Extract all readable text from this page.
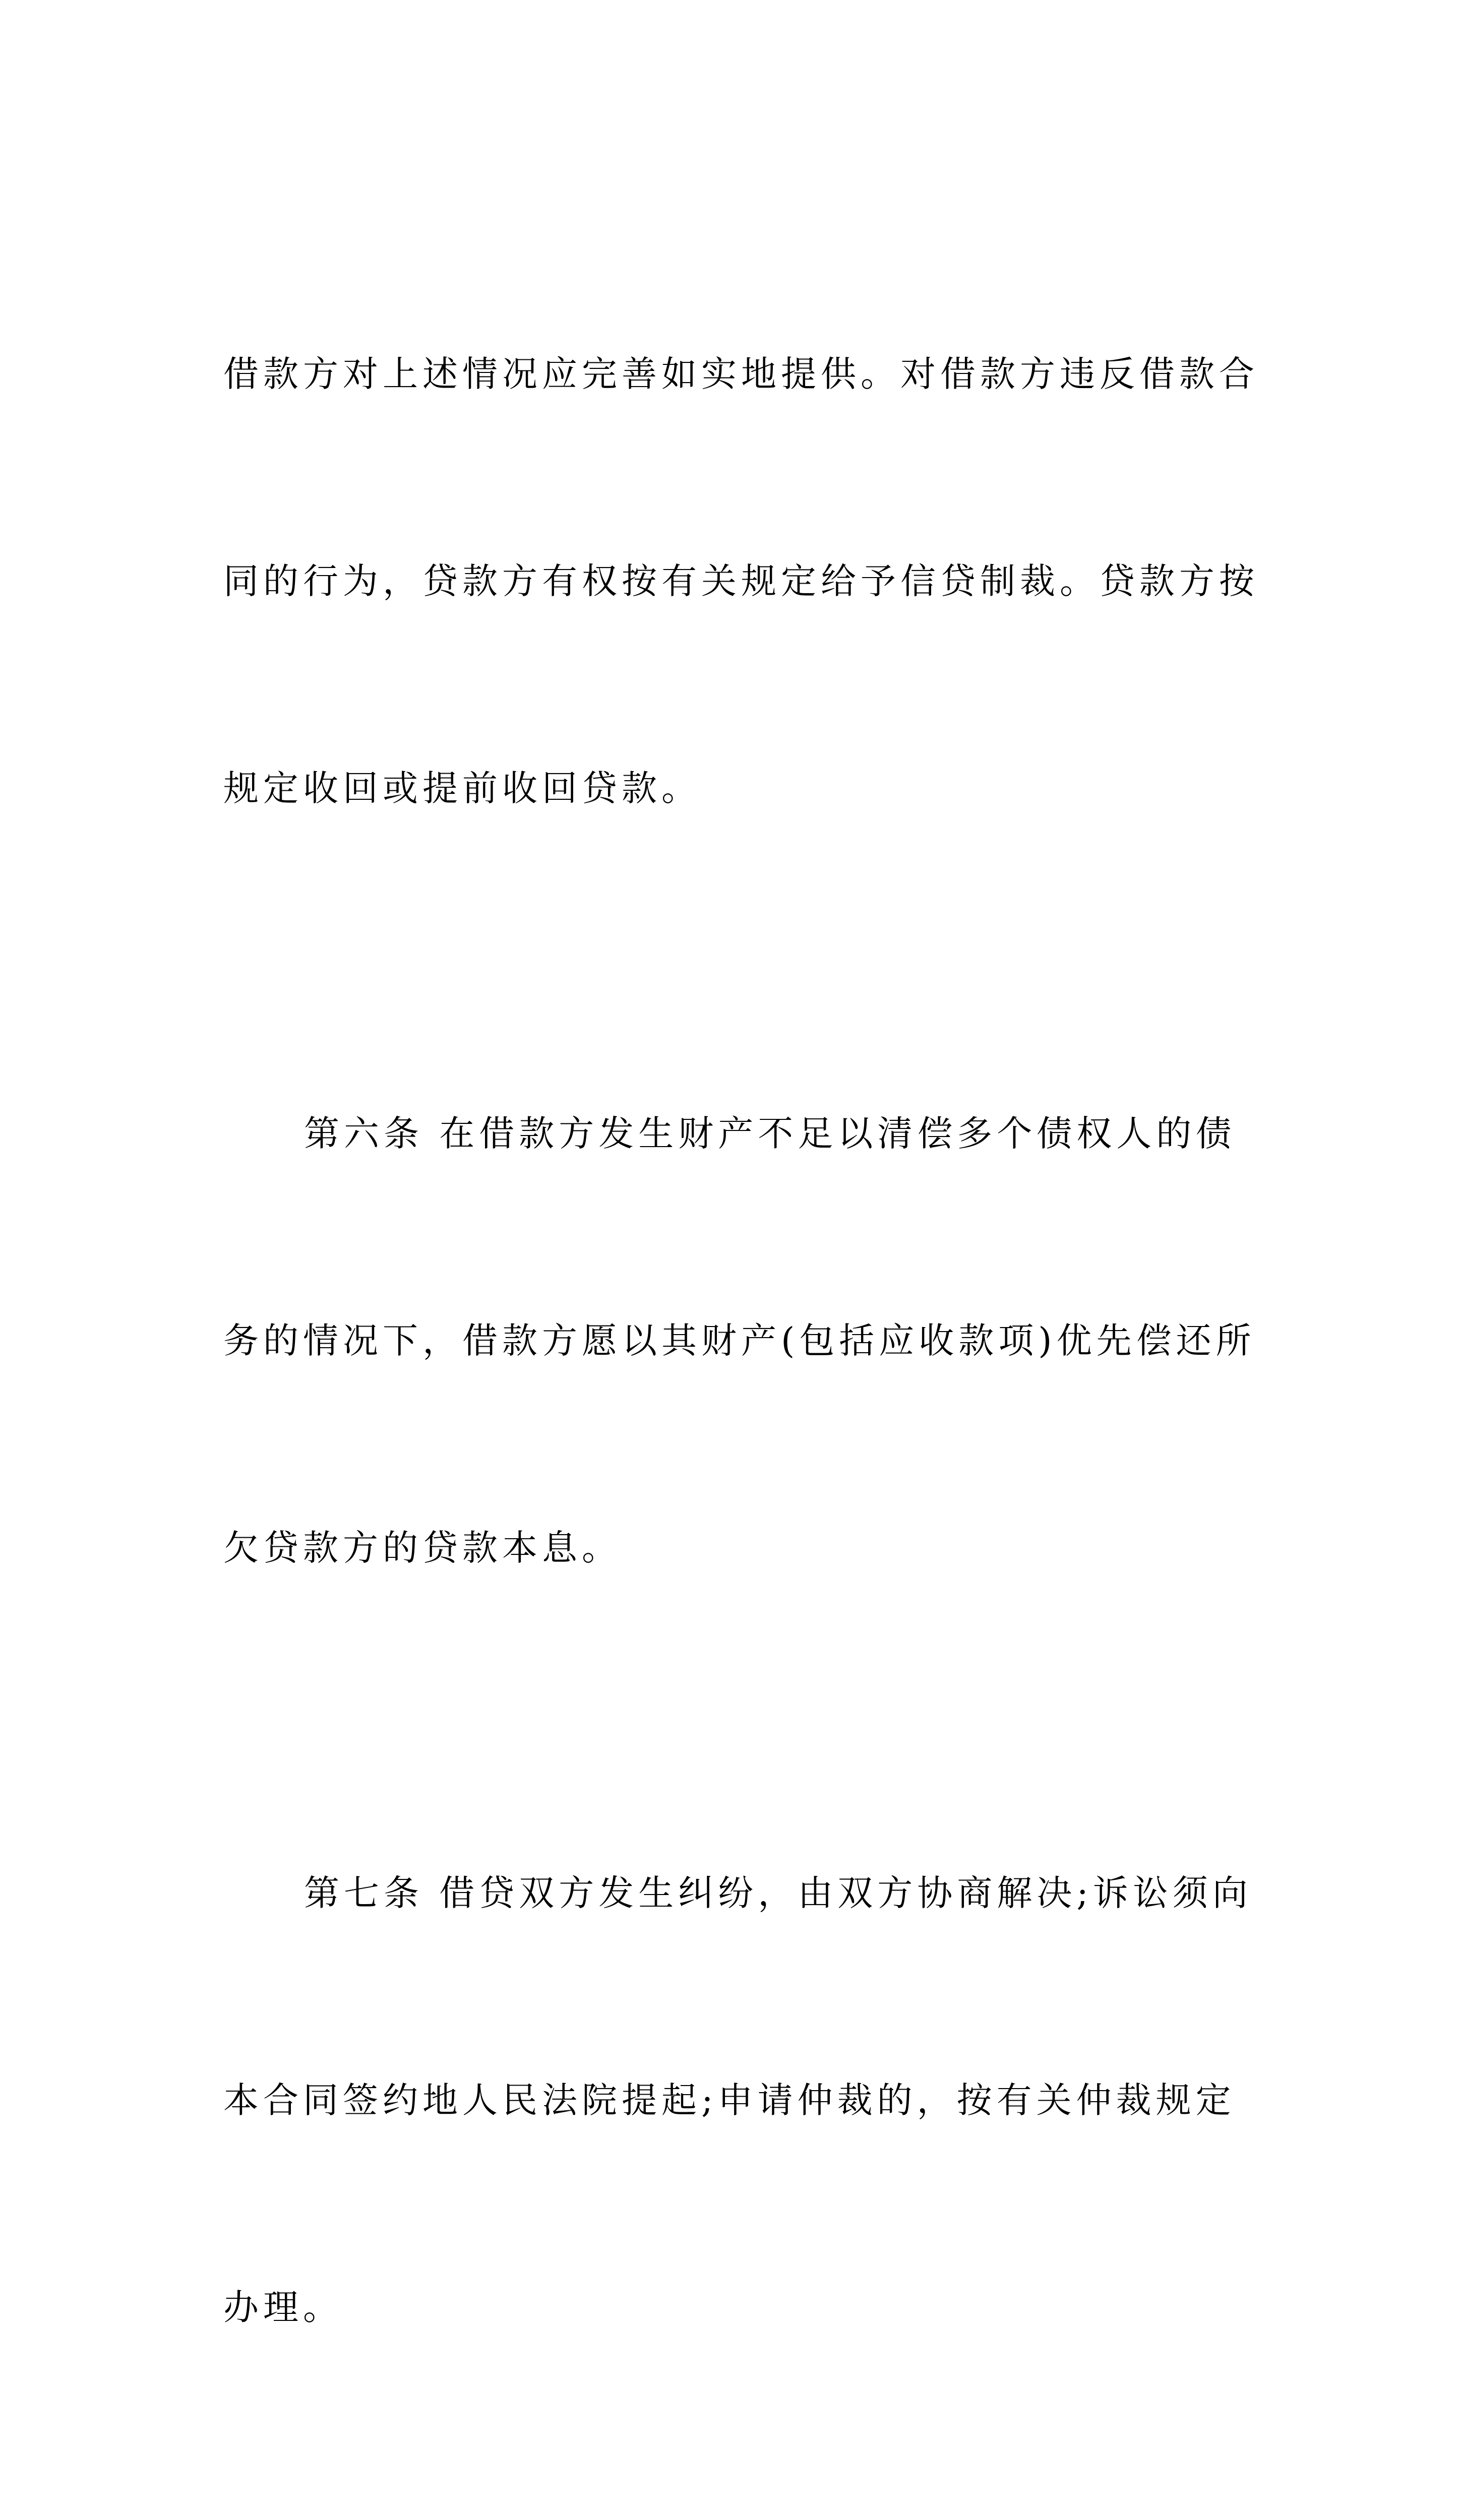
借款方对上述情况应完善如实地提供。对借款方违反借款合

同的行为，贷款方有权按有关规定给予信贷制裁。贷款方按

规定收回或提前收回贷款。

第六条 在借款方发生财产不足以清偿多个债权人的债

务的情况下，借款方愿以其财产(包括应收款项)优先偿还所

欠贷款方的贷款本息。

第七条 借贷双方发生纠纷，由双方协商解决;诉讼须向

本合同签约地人民法院提起;申请仲裁的，按有关仲裁规定

办理。
